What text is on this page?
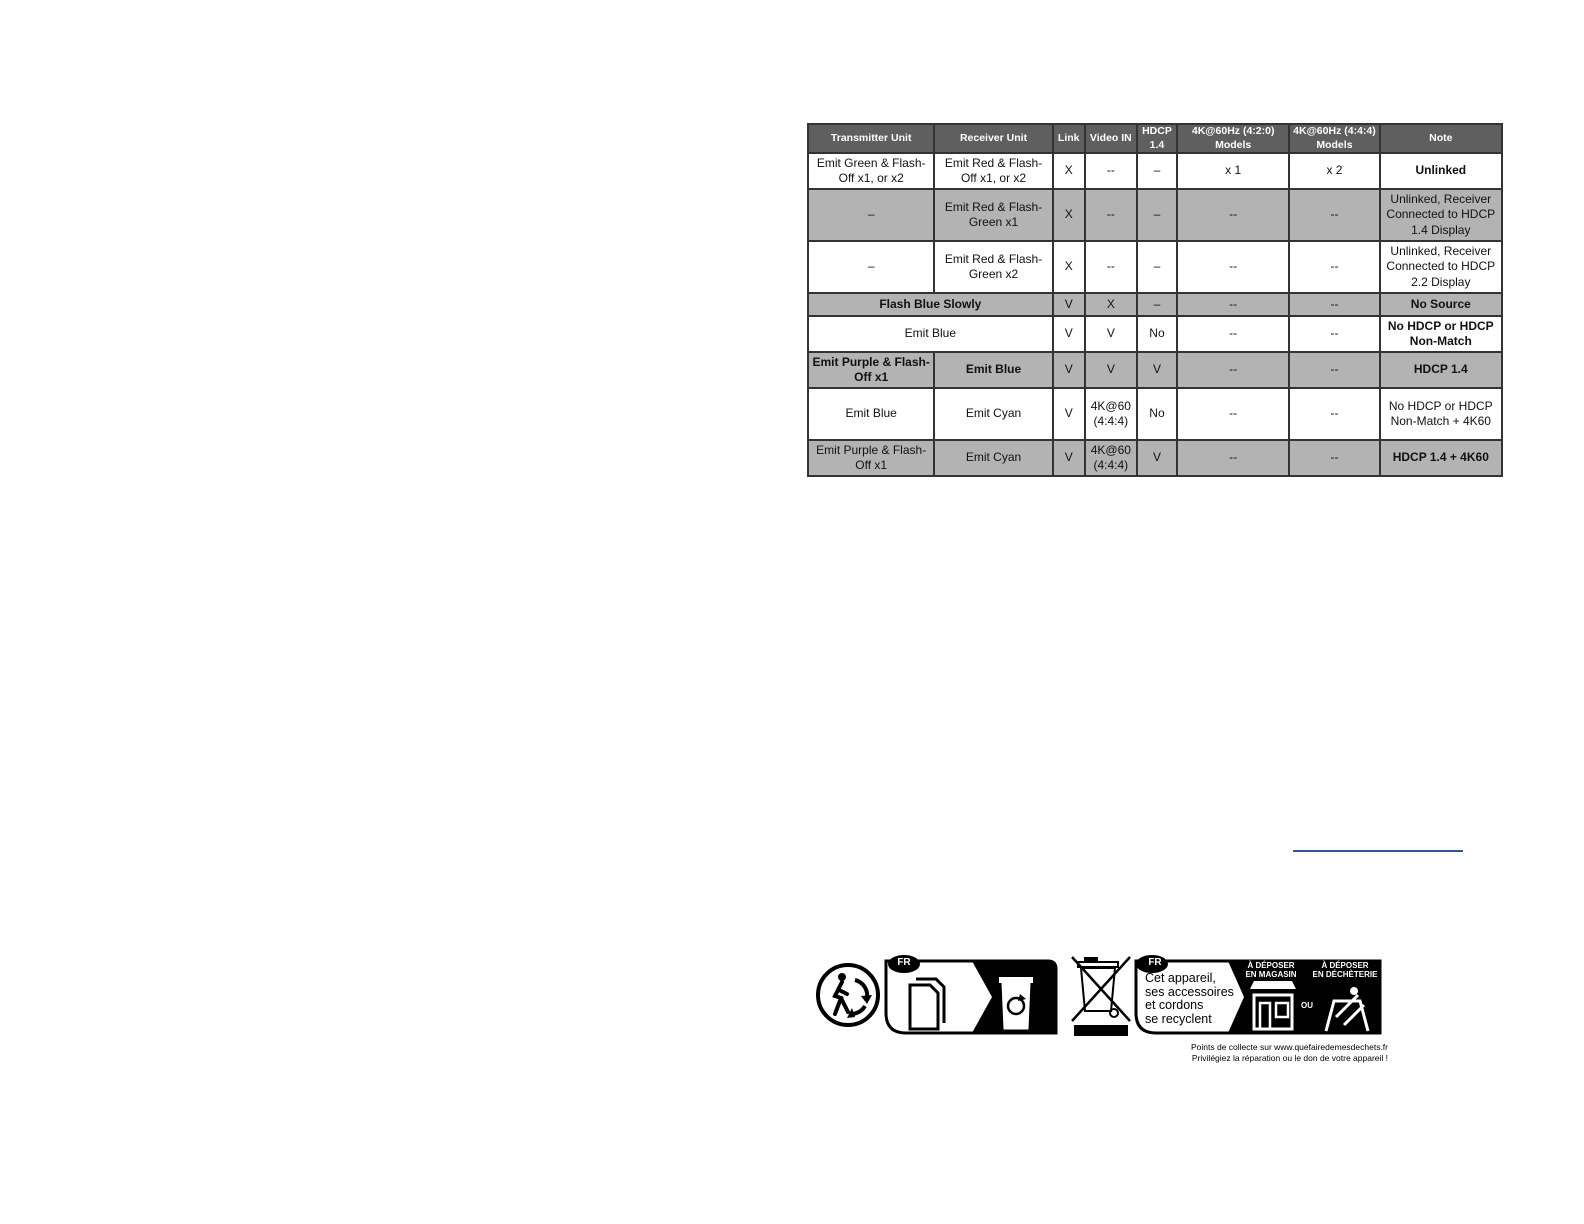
Transmitter Unit	Receiver Unit	Link	Video IN	HDCP 1.4	4K@60Hz (4:2:0) Models	4K@60Hz (4:4:4) Models	Note
Emit Green & Flash-Off x1, or x2	Emit Red & Flash-Off x1, or x2	X	--	–	x 1	x 2	Unlinked
–	Emit Red & Flash-Green x1	X	--	–	--	--	Unlinked, Receiver Connected to HDCP 1.4 Display
–	Emit Red & Flash-Green x2	X	--	–	--	--	Unlinked, Receiver Connected to HDCP 2.2 Display
Flash Blue Slowly		V	X	–	--	--	No Source
Emit Blue		V	V	No	--	--	No HDCP or HDCP Non-Match
Emit Purple & Flash-Off x1	Emit Blue	V	V	V	--	--	HDCP 1.4
Emit Blue	Emit Cyan	V	4K@60 (4:4:4)	No	--	--	No HDCP or HDCP Non-Match + 4K60
Emit Purple & Flash-Off x1	Emit Cyan	V	4K@60 (4:4:4)	V	--	--	HDCP 1.4 + 4K60
FR	FR
Cet appareil,
ses accessoires
et cordons
se recyclent
À DÉPOSER
EN MAGASIN
OU
À DÉPOSER
EN DÉCHÈTERIE
Points de collecte sur www.quefairedemesdechets.fr
Privilégiez la réparation ou le don de votre appareil !
